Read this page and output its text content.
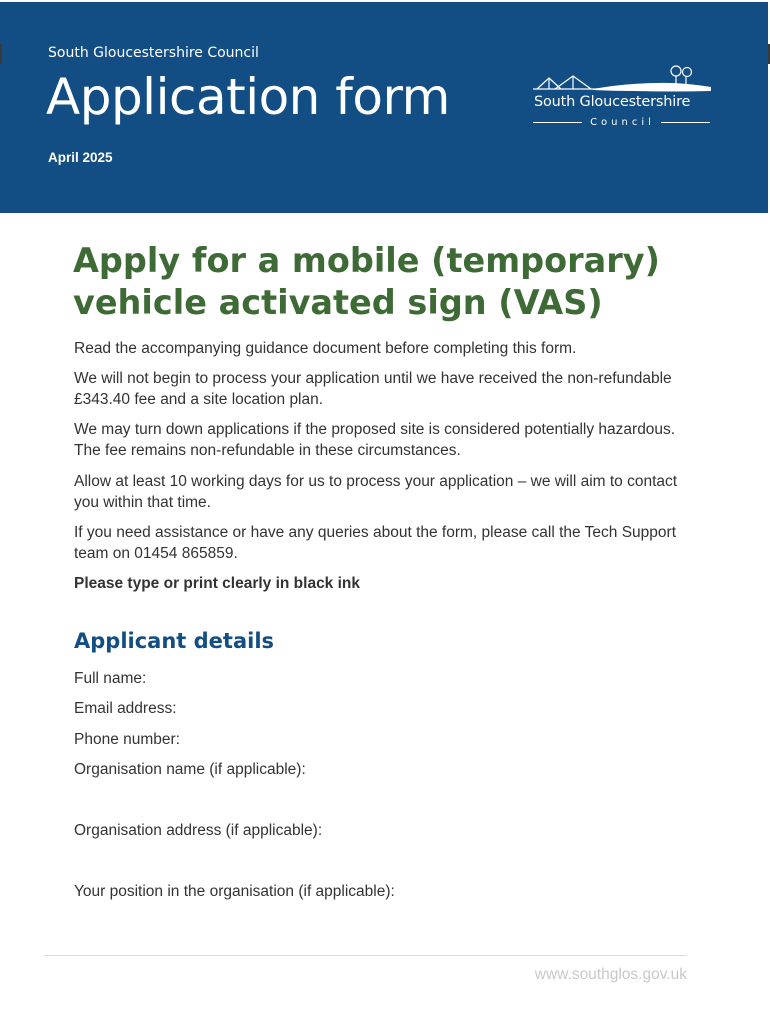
South Gloucestershire Council
Application form
April 2025
South Gloucestershire
Council
Apply for a mobile (temporary) vehicle activated sign (VAS)

Read the accompanying guidance document before completing this form.

We will not begin to process your application until we have received the non-refundable £343.40 fee and a site location plan.

We may turn down applications if the proposed site is considered potentially hazardous. The fee remains non-refundable in these circumstances.

Allow at least 10 working days for us to process your application – we will aim to contact you within that time.

If you need assistance or have any queries about the form, please call the Tech Support team on 01454 865859.

Please type or print clearly in black ink

Applicant details
Full name:
Email address:
Phone number:
Organisation name (if applicable):
Organisation address (if applicable):
Your position in the organisation (if applicable):
www.southglos.gov.uk
